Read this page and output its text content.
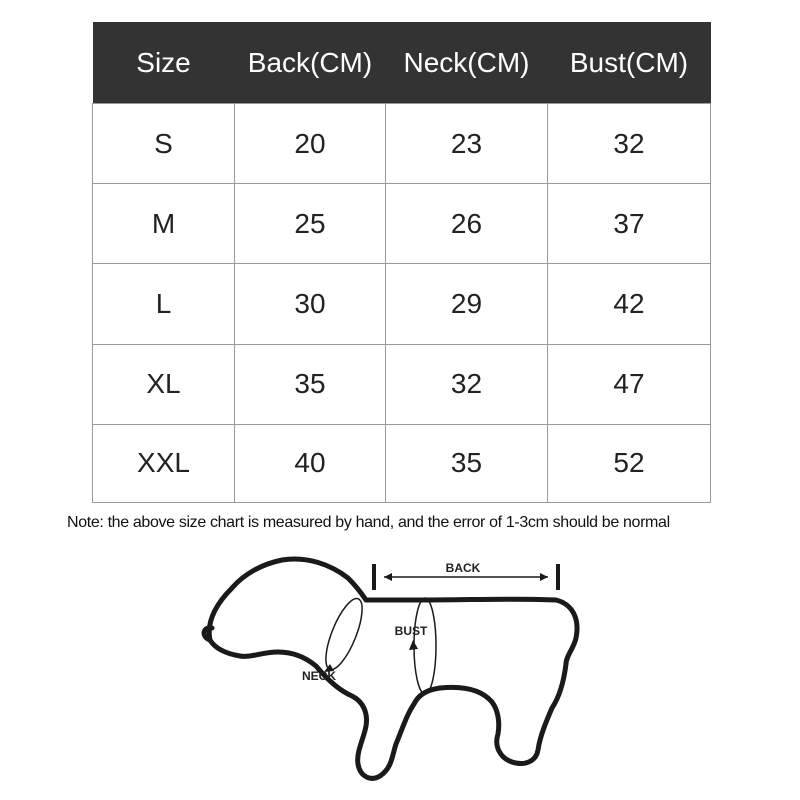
Size	Back(CM)	Neck(CM)	Bust(CM)
S	20	23	32
M	25	26	37
L	30	29	42
XL	35	32	47
XXL	40	35	52
Note: the above size chart is measured by hand, and the error of 1-3cm should be normal
BACK
NECK
BUST
